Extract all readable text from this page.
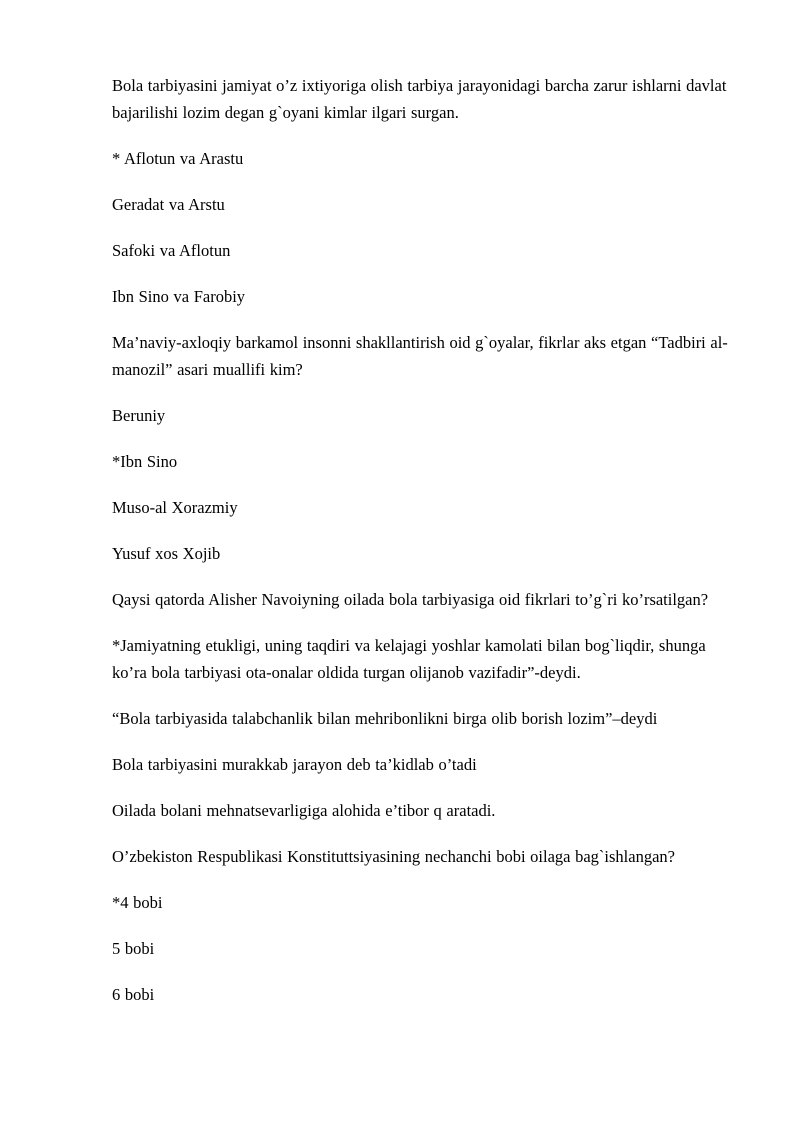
Bola tarbiyasini jamiyat o’z ixtiyoriga olish tarbiya jarayonidagi barcha zarur ishlarni davlat bajarilishi lozim degan g`oyani kimlar ilgari surgan.

* Aflotun va Arastu

Geradat va Arstu

Safoki va Aflotun

Ibn Sino va Farobiy

Ma’naviy-axloqiy barkamol insonni shakllantirish oid g`oyalar, fikrlar aks etgan “Tadbiri al-manozil” asari muallifi kim?

Beruniy

*Ibn Sino

Muso-al Xorazmiy

Yusuf xos Xojib

Qaysi qatorda Alisher Navoiyning oilada bola tarbiyasiga oid fikrlari to’g`ri ko’rsatilgan?

*Jamiyatning etukligi, uning taqdiri va kelajagi yoshlar kamolati bilan bog`liqdir, shunga ko’ra bola tarbiyasi ota-onalar oldida turgan olijanob vazifadir”-deydi.

“Bola tarbiyasida talabchanlik bilan mehribonlikni birga olib borish lozim”–deydi

Bola tarbiyasini murakkab jarayon deb ta’kidlab o’tadi

Oilada bolani mehnatsevarligiga alohida e’tibor q aratadi.

O’zbekiston Respublikasi Konstituttsiyasining nechanchi bobi oilaga bag`ishlangan?

*4 bobi

5 bobi

6 bobi
